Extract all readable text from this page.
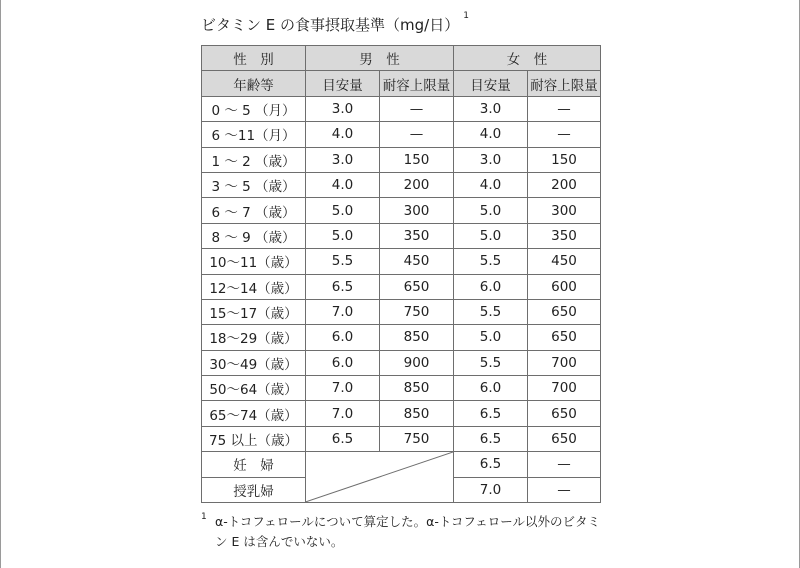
ビタミン E の食事摂取基準（mg/日） $^1$
性　別	男　性		女　性	
年齢等	目安量	耐容上限量	目安量	耐容上限量
0 ～ 5 （月）	3.0	—	3.0	—
6 ～11（月）	4.0	—	4.0	—
1 ～ 2 （歳）	3.0	150	3.0	150
3 ～ 5 （歳）	4.0	200	4.0	200
6 ～ 7 （歳）	5.0	300	5.0	300
8 ～ 9 （歳）	5.0	350	5.0	350
10～11（歳）	5.5	450	5.5	450
12～14（歳）	6.5	650	6.0	600
15～17（歳）	7.0	750	5.5	650
18～29（歳）	6.0	850	5.0	650
30～49（歳）	6.0	900	5.5	700
50～64（歳）	7.0	850	6.0	700
65～74（歳）	7.0	850	6.5	650
75 以上（歳）	6.5	750	6.5	650
妊　婦			6.5	—
授乳婦			7.0	—
1 α-トコフェロールについて算定した。α-トコフェロール以外のビタミン E は含んでいない。
